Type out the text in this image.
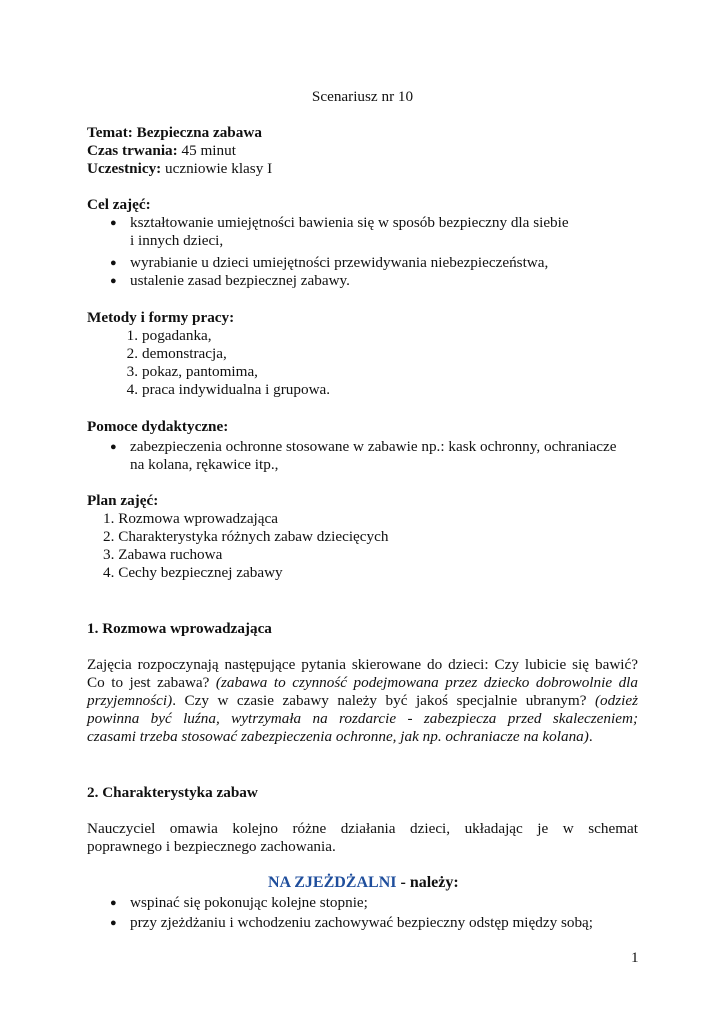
Scenariusz nr 10
Temat: Bezpieczna zabawa
Czas trwania: 45 minut
Uczestnicy: uczniowie klasy I
Cel zajęć:
● kształtowanie umiejętności bawienia się w sposób bezpieczny dla siebie
i innych dzieci,
● wyrabianie u dzieci umiejętności przewidywania niebezpieczeństwa,
● ustalenie zasad bezpiecznej zabawy.
Metody i formy pracy:
1. pogadanka,
2. demonstracja,
3. pokaz, pantomima,
4. praca indywidualna i grupowa.
Pomoce dydaktyczne:
● zabezpieczenia ochronne stosowane w zabawie np.: kask ochronny, ochraniacze
na kolana, rękawice itp.,
Plan zajęć:
1. Rozmowa wprowadzająca
2. Charakterystyka różnych zabaw dziecięcych
3. Zabawa ruchowa
4. Cechy bezpiecznej zabawy
1. Rozmowa wprowadzająca
Zajęcia rozpoczynają następujące pytania skierowane do dzieci: Czy lubicie się bawić?
Co to jest zabawa? (zabawa to czynność podejmowana przez dziecko dobrowolnie dla
przyjemności). Czy w czasie zabawy należy być jakoś specjalnie ubranym? (odzież
powinna być luźna, wytrzymała na rozdarcie - zabezpiecza przed skaleczeniem;
czasami trzeba stosować zabezpieczenia ochronne, jak np. ochraniacze na kolana).
2. Charakterystyka zabaw
Nauczyciel omawia kolejno różne działania dzieci, układając je w schemat
poprawnego i bezpiecznego zachowania.
NA ZJEŻDŻALNI - należy:
● wspinać się pokonując kolejne stopnie;
● przy zjeżdżaniu i wchodzeniu zachowywać bezpieczny odstęp między sobą;
1
